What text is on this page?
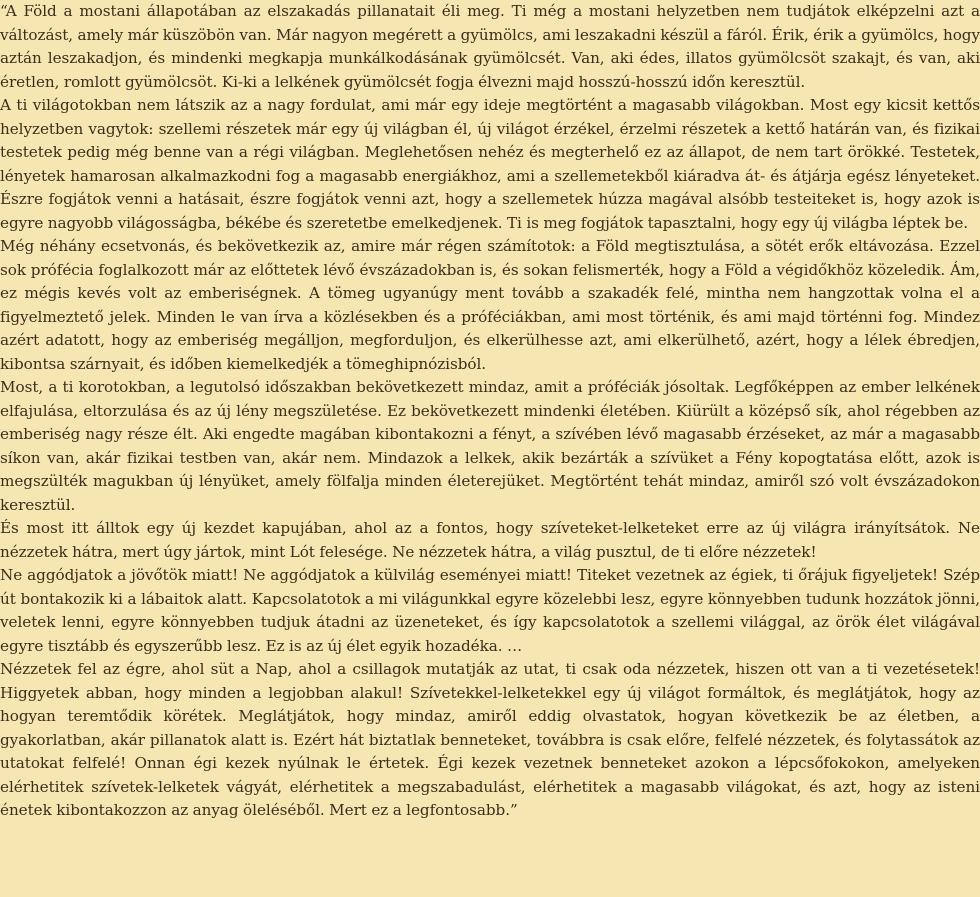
“A Föld a mostani állapotában az elszakadás pillanatait éli meg. Ti még a mostani helyzetben nem tudjátok elképzelni azt a változást, amely már küszöbön van. Már nagyon megérett a gyümölcs, ami leszakadni készül a fáról. Érik, érik a gyümölcs, hogy aztán leszakadjon, és mindenki megkapja munkálkodásának gyümölcsét. Van, aki édes, illatos gyümölcsöt szakajt, és van, aki éretlen, romlott gyümölcsöt. Ki-ki a lelkének gyümölcsét fogja élvezni majd hosszú-hosszú időn keresztül.

A ti világotokban nem látszik az a nagy fordulat, ami már egy ideje megtörtént a magasabb világokban. Most egy kicsit kettős helyzetben vagytok: szellemi részetek már egy új világban él, új világot érzékel, érzelmi részetek a kettő határán van, és fizikai testetek pedig még benne van a régi világban. Meglehetősen nehéz és megterhelő ez az állapot, de nem tart örökké. Testetek, lényetek hamarosan alkalmazkodni fog a magasabb energiákhoz, ami a szellemetekből kiáradva át- és átjárja egész lényeteket. Észre fogjátok venni a hatásait, észre fogjátok venni azt, hogy a szellemetek húzza magával alsóbb testeiteket is, hogy azok is egyre nagyobb világosságba, békébe és szeretetbe emelkedjenek. Ti is meg fogjátok tapasztalni, hogy egy új világba léptek be.

Még néhány ecsetvonás, és bekövetkezik az, amire már régen számítotok: a Föld megtisztulása, a sötét erők eltávozása. Ezzel sok prófécia foglalkozott már az előttetek lévő évszázadokban is, és sokan felismerték, hogy a Föld a végidőkhöz közeledik. Ám, ez mégis kevés volt az emberiségnek. A tömeg ugyanúgy ment tovább a szakadék felé, mintha nem hangzottak volna el a figyelmeztető jelek. Minden le van írva a közlésekben és a próféciákban, ami most történik, és ami majd történni fog. Mindez azért adatott, hogy az emberiség megálljon, megforduljon, és elkerülhesse azt, ami elkerülhető, azért, hogy a lélek ébredjen, kibontsa szárnyait, és időben kiemelkedjék a tömeghipnózisból.

Most, a ti korotokban, a legutolsó időszakban bekövetkezett mindaz, amit a próféciák jósoltak. Legfőképpen az ember lelkének elfajulása, eltorzulása és az új lény megszületése. Ez bekövetkezett mindenki életében. Kiürült a középső sík, ahol régebben az emberiség nagy része élt. Aki engedte magában kibontakozni a fényt, a szívében lévő magasabb érzéseket, az már a magasabb síkon van, akár fizikai testben van, akár nem. Mindazok a lelkek, akik bezárták a szívüket a Fény kopogtatása előtt, azok is megszülték magukban új lényüket, amely fölfalja minden életerejüket. Megtörtént tehát mindaz, amiről szó volt évszázadokon keresztül.

És most itt álltok egy új kezdet kapujában, ahol az a fontos, hogy szíveteket-lelketeket erre az új világra irányítsátok. Ne nézzetek hátra, mert úgy jártok, mint Lót felesége. Ne nézzetek hátra, a világ pusztul, de ti előre nézzetek!

Ne aggódjatok a jövőtök miatt! Ne aggódjatok a külvilág eseményei miatt! Titeket vezetnek az égiek, ti őrájuk figyeljetek! Szép út bontakozik ki a lábaitok alatt. Kapcsolatotok a mi világunkkal egyre közelebbi lesz, egyre könnyebben tudunk hozzátok jönni, veletek lenni, egyre könnyebben tudjuk átadni az üzeneteket, és így kapcsolatotok a szellemi világgal, az örök élet világával egyre tisztább és egyszerűbb lesz. Ez is az új élet egyik hozadéka. …

Nézzetek fel az égre, ahol süt a Nap, ahol a csillagok mutatják az utat, ti csak oda nézzetek, hiszen ott van a ti vezetésetek! Higgyetek abban, hogy minden a legjobban alakul! Szívetekkel-lelketekkel egy új világot formáltok, és meglátjátok, hogy az hogyan teremtődik körétek. Meglátjátok, hogy mindaz, amiről eddig olvastatok, hogyan következik be az életben, a gyakorlatban, akár pillanatok alatt is. Ezért hát biztatlak benneteket, továbbra is csak előre, felfelé nézzetek, és folytassátok az utatokat felfelé! Onnan égi kezek nyúlnak le értetek. Égi kezek vezetnek benneteket azokon a lépcsőfokokon, amelyeken elérhetitek szívetek-lelketek vágyát, elérhetitek a megszabadulást, elérhetitek a magasabb világokat, és azt, hogy az isteni énetek kibontakozzon az anyag öleléséből. Mert ez a legfontosabb.”
